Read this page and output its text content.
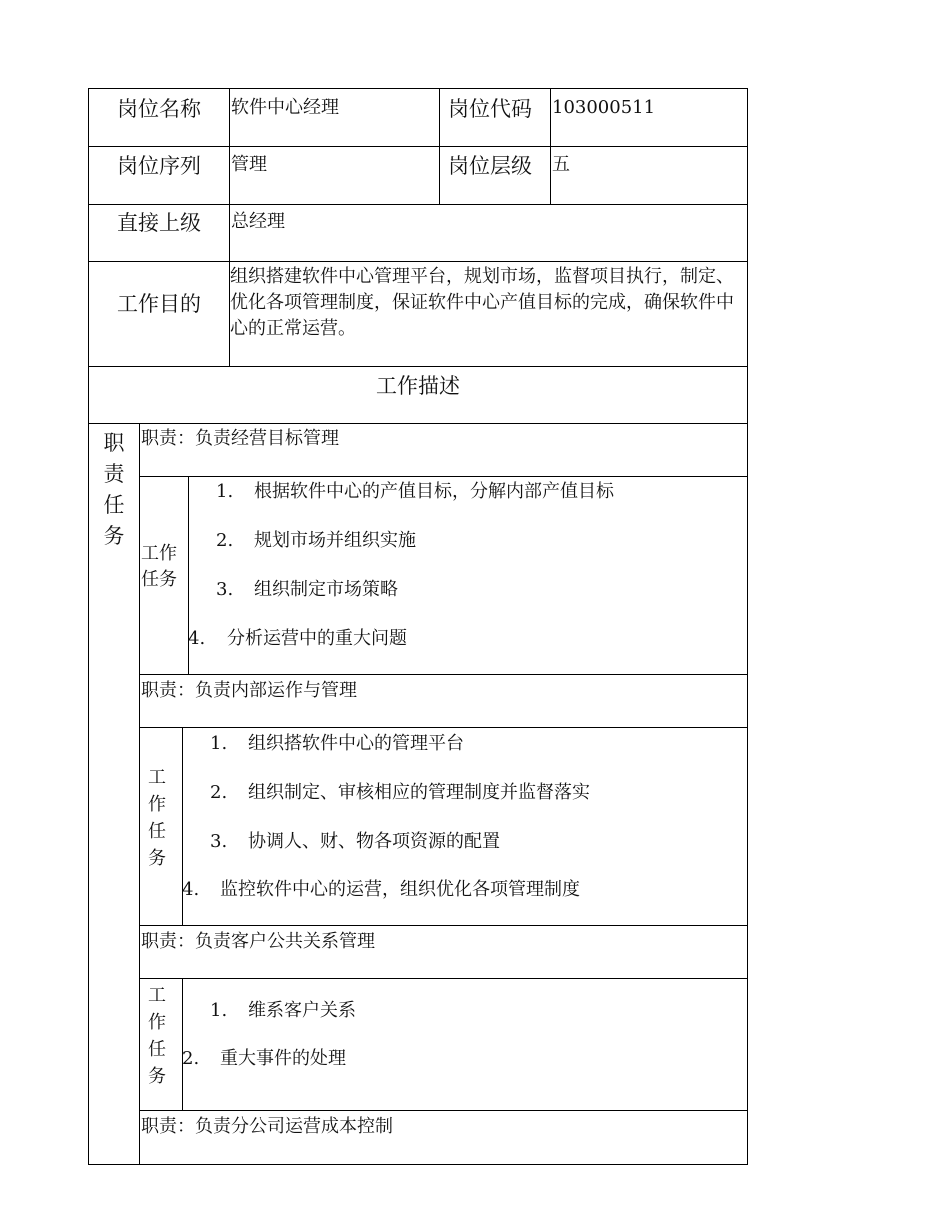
岗位名称 软件中心经理	岗位代码 103000511
岗位序列 管理	岗位层级 五
直接上级 总经理
工作目的
组织搭建软件中心管理平台，规划市场，监督项目执行，制定、优化各项管理制度，保证软件中心产值目标的完成，确保软件中心的正常运营。
工作描述
职
责
任
务
职责：负责经营目标管理
工作
任务
1. 根据软件中心的产值目标，分解内部产值目标
2. 规划市场并组织实施
3. 组织制定市场策略
4. 分析运营中的重大问题
职责：负责内部运作与管理
工
作
任
务
1. 组织搭软件中心的管理平台
2. 组织制定、审核相应的管理制度并监督落实
3. 协调人、财、物各项资源的配置
4. 监控软件中心的运营，组织优化各项管理制度
职责：负责客户公共关系管理
工
作
任
务
1. 维系客户关系
2. 重大事件的处理
职责：负责分公司运营成本控制
